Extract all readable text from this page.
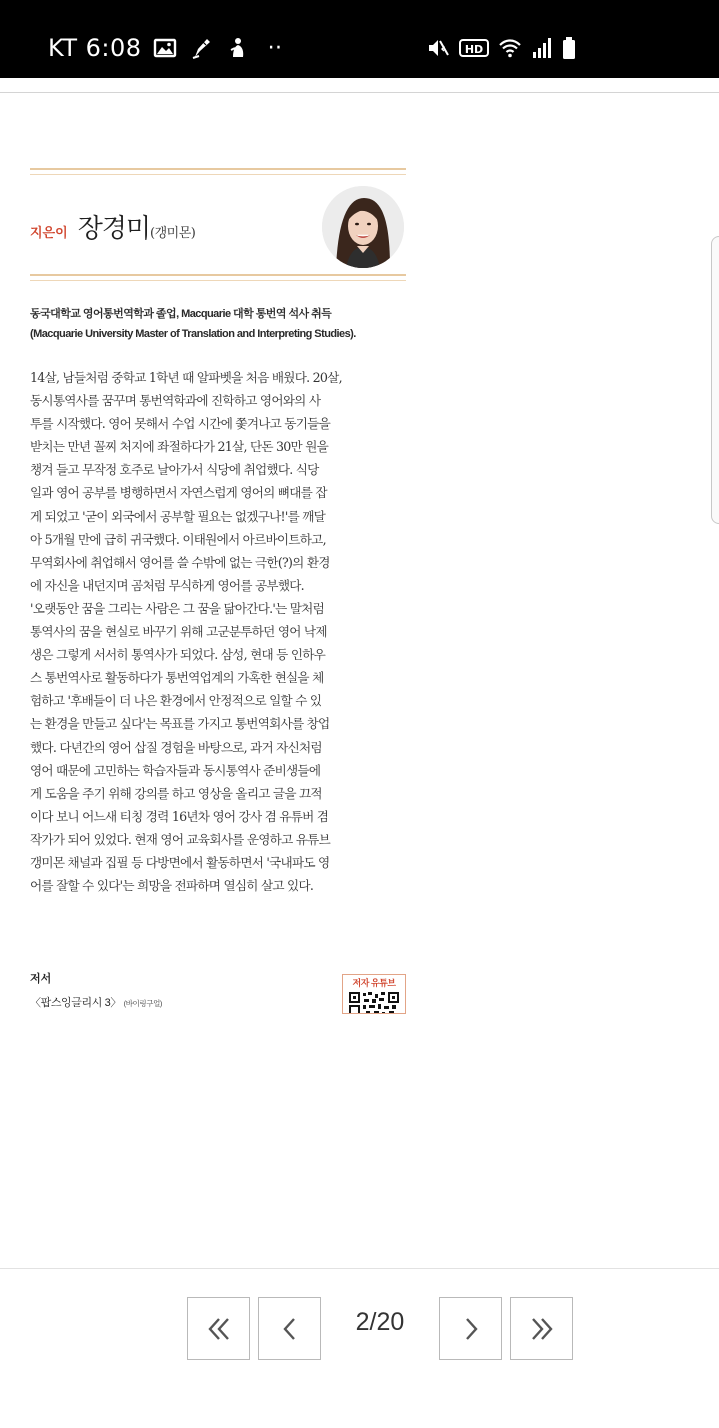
KT 6:08	··	HD
지은이 장경미 (갱미몬)
동국대학교 영어통번역학과 졸업, Macquarie 대학 통번역 석사 취득
(Macquarie University Master of Translation and Interpreting Studies).
14살, 남들처럼 중학교 1학년 때 알파벳을 처음 배웠다. 20살,
동시통역사를 꿈꾸며 통번역학과에 진학하고 영어와의 사
투를 시작했다. 영어 못해서 수업 시간에 쫓겨나고 동기들을
받치는 만년 꼴찌 처지에 좌절하다가 21살, 단돈 30만 원을
챙겨 들고 무작정 호주로 날아가서 식당에 취업했다. 식당
일과 영어 공부를 병행하면서 자연스럽게 영어의 뼈대를 잡
게 되었고 '굳이 외국에서 공부할 필요는 없겠구나!'를 깨달
아 5개월 만에 급히 귀국했다. 이태원에서 아르바이트하고,
무역회사에 취업해서 영어를 쓸 수밖에 없는 극한(?)의 환경
에 자신을 내던지며 곰처럼 무식하게 영어를 공부했다.
'오랫동안 꿈을 그리는 사람은 그 꿈을 닮아간다.'는 말처럼
통역사의 꿈을 현실로 바꾸기 위해 고군분투하던 영어 낙제
생은 그렇게 서서히 통역사가 되었다. 삼성, 현대 등 인하우
스 통번역사로 활동하다가 통번역업계의 가혹한 현실을 체
험하고 '후배들이 더 나은 환경에서 안정적으로 일할 수 있
는 환경을 만들고 싶다'는 목표를 가지고 통번역회사를 창업
했다. 다년간의 영어 삽질 경험을 바탕으로, 과거 자신처럼
영어 때문에 고민하는 학습자들과 동시통역사 준비생들에
게 도움을 주기 위해 강의를 하고 영상을 올리고 글을 끄적
이다 보니 어느새 티칭 경력 16년차 영어 강사 겸 유튜버 겸
작가가 되어 있었다. 현재 영어 교육회사를 운영하고 유튜브
갱미몬 채널과 집필 등 다방면에서 활동하면서 '국내파도 영
어를 잘할 수 있다'는 희망을 전파하며 열심히 살고 있다.
저서
〈팝스잉글리시 3〉 (바이링구얼)
저자 유튜브
2/20
